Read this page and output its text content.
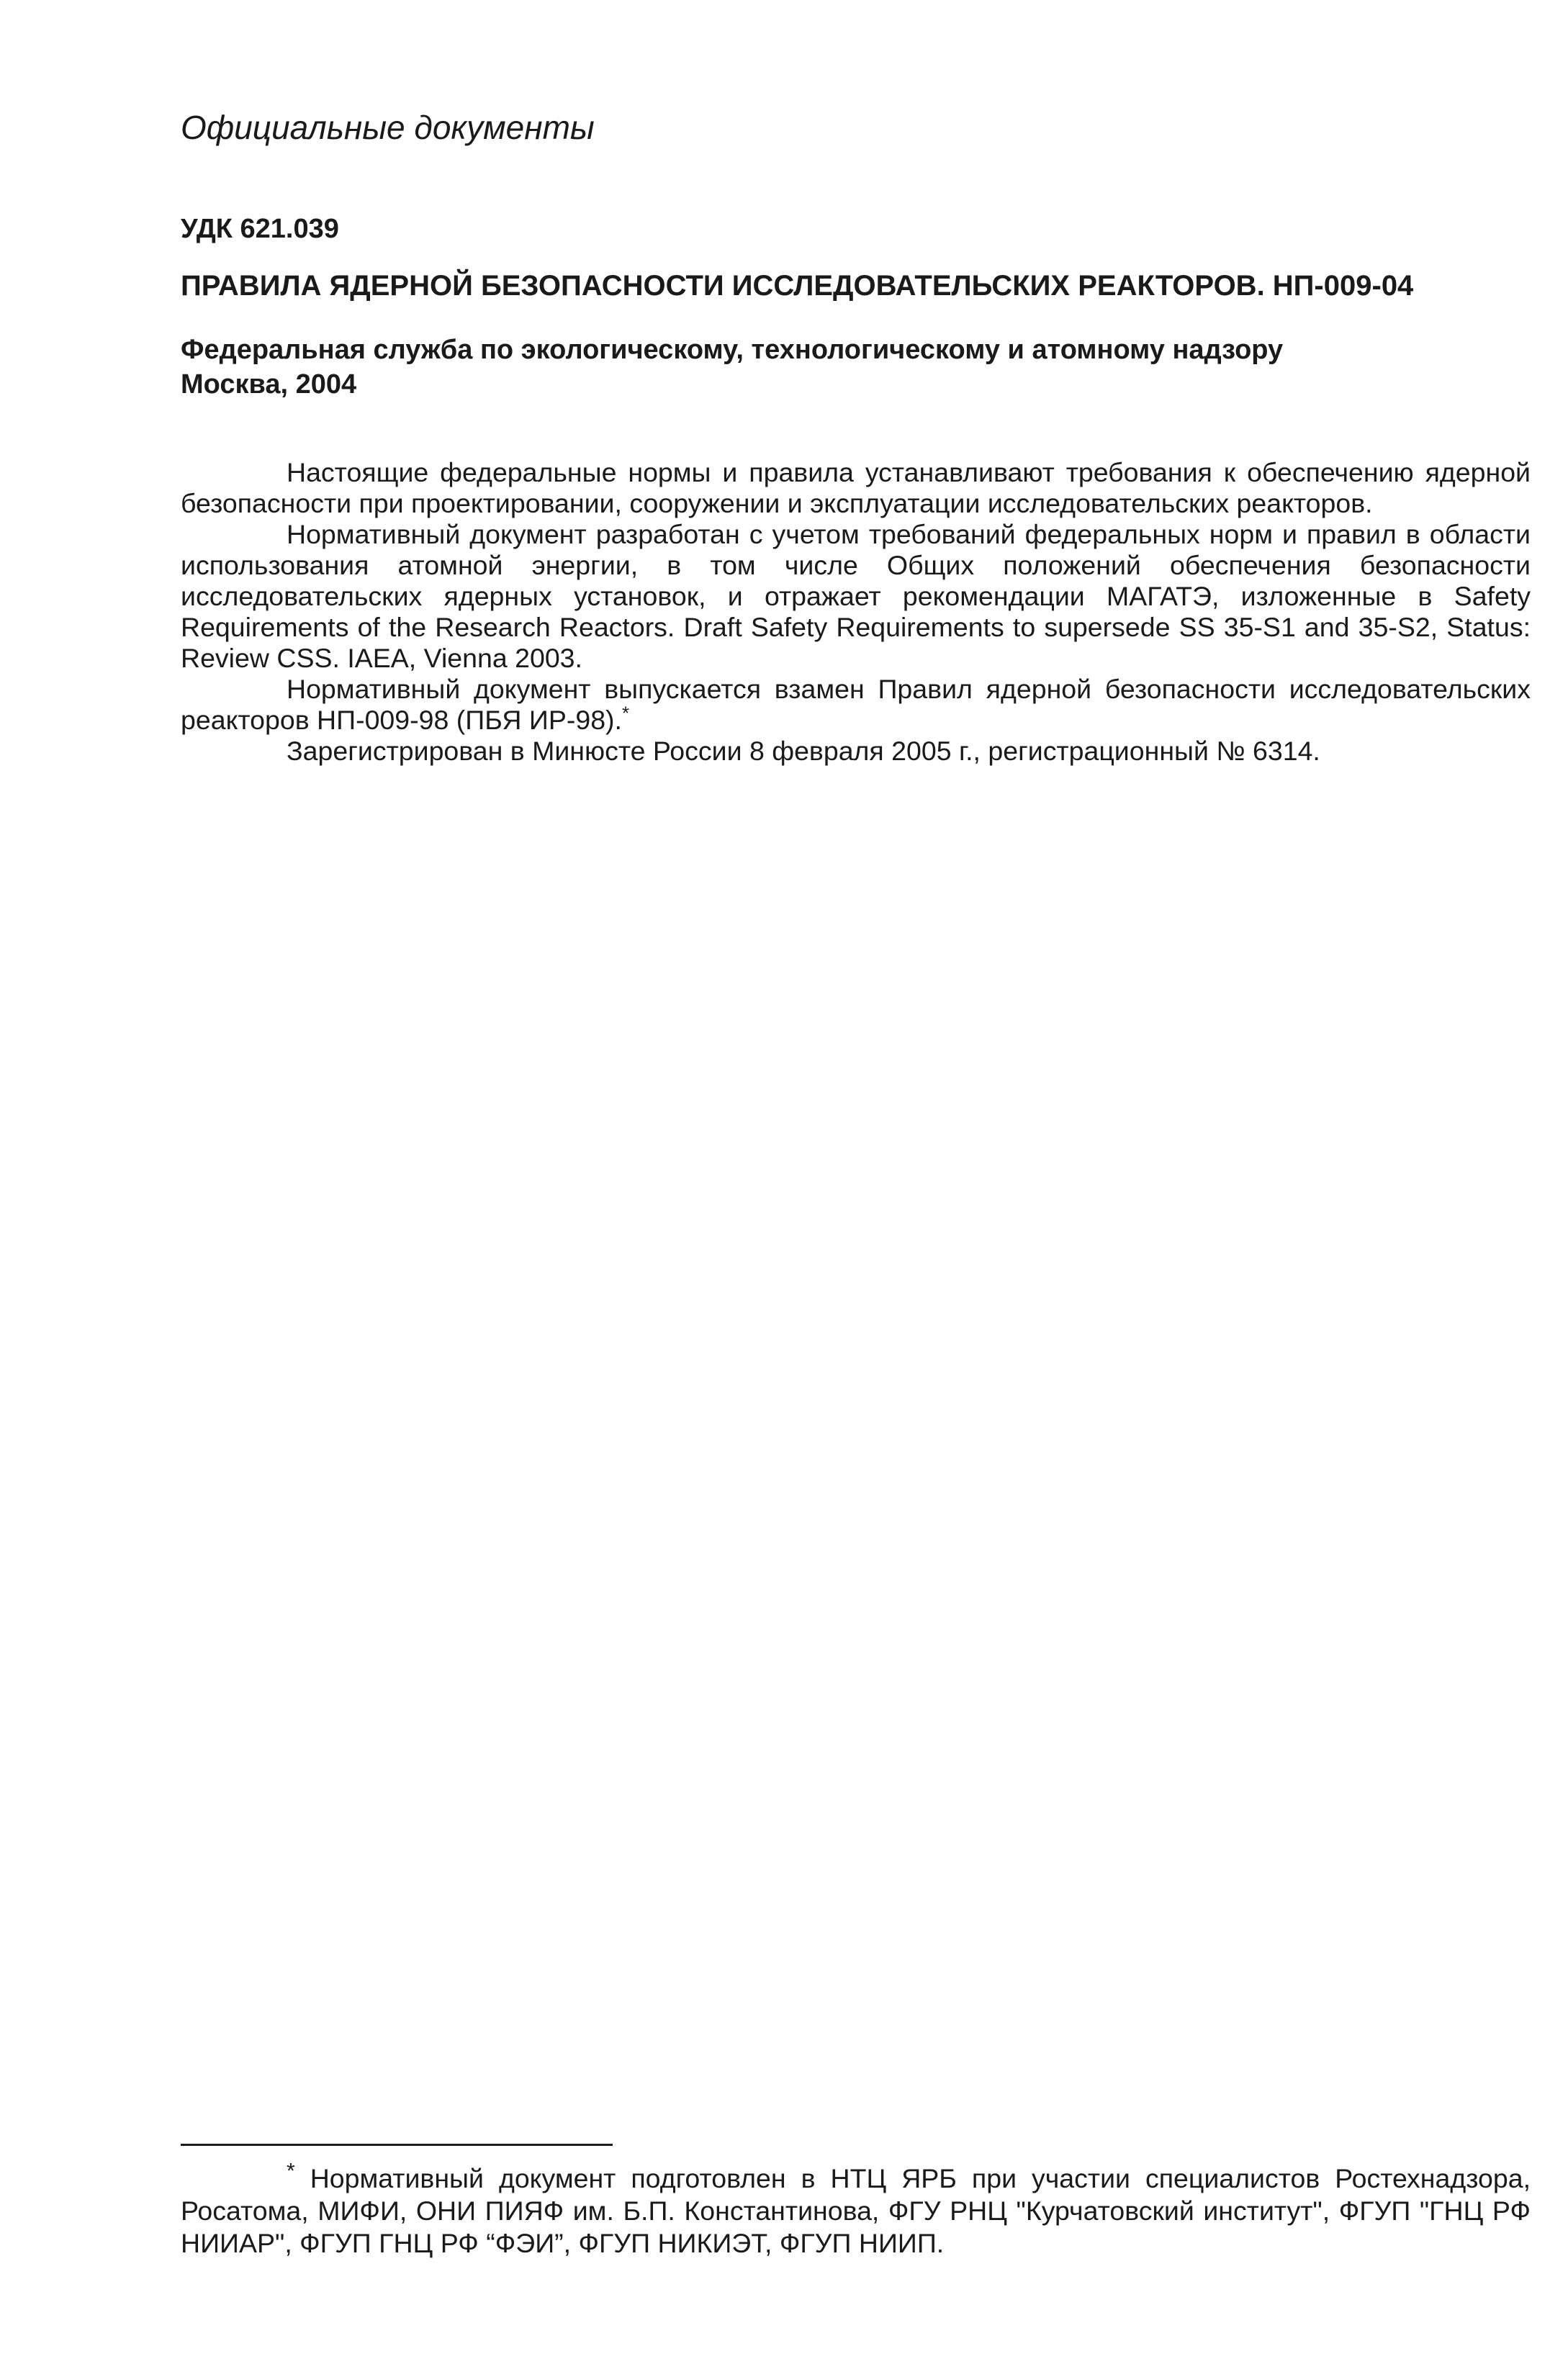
Официальные документы
УДК 621.039
ПРАВИЛА ЯДЕРНОЙ БЕЗОПАСНОСТИ ИССЛЕДОВАТЕЛЬСКИХ РЕАКТОРОВ. НП-009-04
Федеральная служба по экологическому, технологическому и атомному надзору
Москва, 2004

Настоящие федеральные нормы и правила устанавливают требования к обеспечению ядерной безопасности при проектировании, сооружении и эксплуатации исследовательских реакторов.

Нормативный документ разработан с учетом требований федеральных норм и правил в области использования атомной энергии, в том числе Общих положений обеспечения безопасности исследовательских ядерных установок, и отражает рекомендации МАГАТЭ, изложенные в Safety Requirements of the Research Reactors. Draft Safety Requirements to supersede SS 35-S1 and 35-S2, Status: Review CSS. IAEA, Vienna 2003.

Нормативный документ выпускается взамен Правил ядерной безопасности исследовательских реакторов НП-009-98 (ПБЯ ИР-98).*

Зарегистрирован в Минюсте России 8 февраля 2005 г., регистрационный № 6314.

* Нормативный документ подготовлен в НТЦ ЯРБ при участии специалистов Ростехнадзора, Росатома, МИФИ, ОНИ ПИЯФ им. Б.П. Константинова, ФГУ РНЦ "Курчатовский институт", ФГУП "ГНЦ РФ НИИАР", ФГУП ГНЦ РФ “ФЭИ”, ФГУП НИКИЭТ, ФГУП НИИП.
